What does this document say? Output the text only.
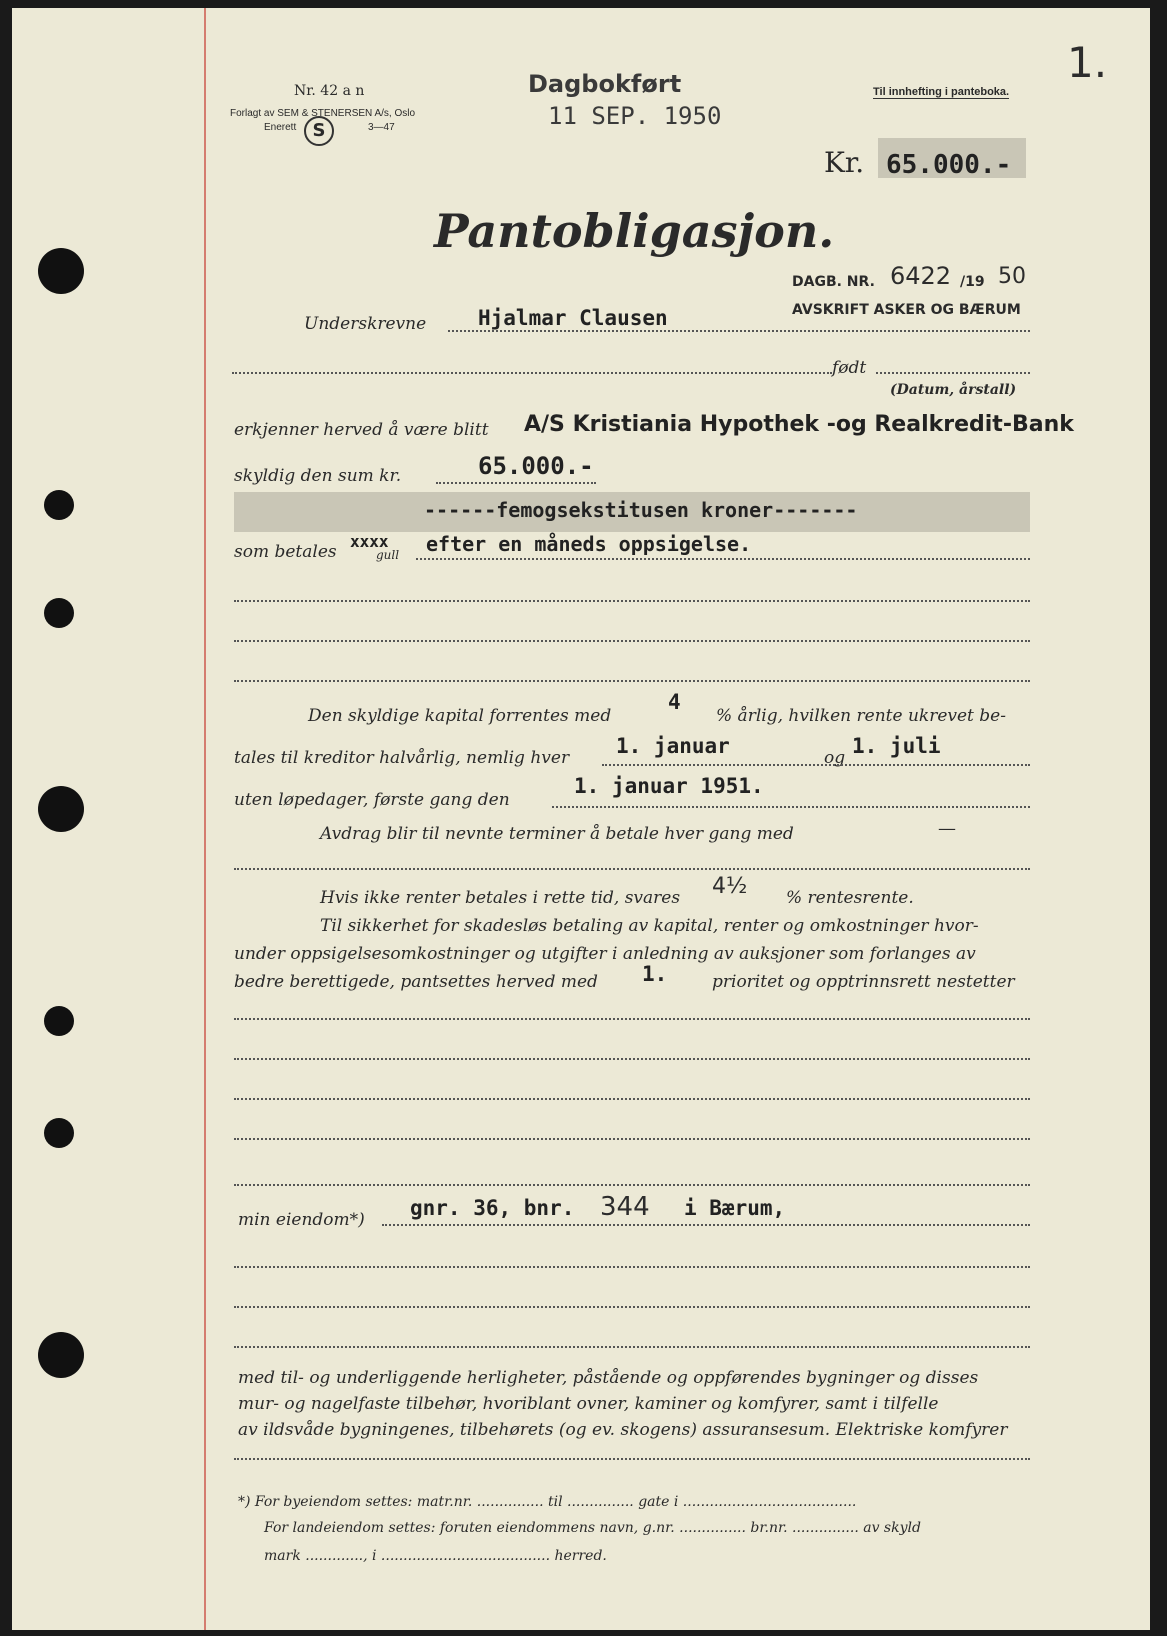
Nr. 42 a n
Forlagt av SEM & STENERSEN A/s, Oslo
Enerett S	3—47
Dagbokført
11 SEP. 1950
Til innhefting i panteboka.
1.
Kr. 65.000.-
Pantobligasjon.
DAGB. NR. 6422 /19 50
AVSKRIFT ASKER OG BÆRUM
Underskrevne Hjalmar Clausen
født
(Datum, årstall)
erkjenner herved å være blitt A/S Kristiania Hypothek -og Realkredit-Bank
skyldig den sum kr.	65.000.-
------femogsekstitusen kroner-------
som betales
xxxx
gull efter en måneds oppsigelse.
Den skyldige kapital forrentes med
4
% årlig, hvilken rente ukrevet be-
tales til kreditor halvårlig, nemlig hver 1. januar	og 1. juli
uten løpedager, første gang den
1. januar 1951.
Avdrag blir til nevnte terminer å betale hver gang med	—
Hvis ikke renter betales i rette tid, svares 4½ % rentesrente.
Til sikkerhet for skadesløs betaling av kapital, renter og omkostninger hvor-
under oppsigelsesomkostninger og utgifter i anledning av auksjoner som forlanges av
bedre berettigede, pantsettes herved med 1.	prioritet og opptrinnsrett nestetter
min eiendom*) gnr. 36, bnr. 344 i Bærum,
med til- og underliggende herligheter, påstående og oppførendes bygninger og disses
mur- og nagelfaste tilbehør, hvoriblant ovner, kaminer og komfyrer, samt i tilfelle
av ildsvåde bygningenes, tilbehørets (og ev. skogens) assuransesum. Elektriske komfyrer
*) For byeiendom settes: matr.nr. ............... til ............... gate i .......................................
For landeiendom settes: foruten eiendommens navn, g.nr. ............... br.nr. ............... av skyld
mark ............., i ...................................... herred.
